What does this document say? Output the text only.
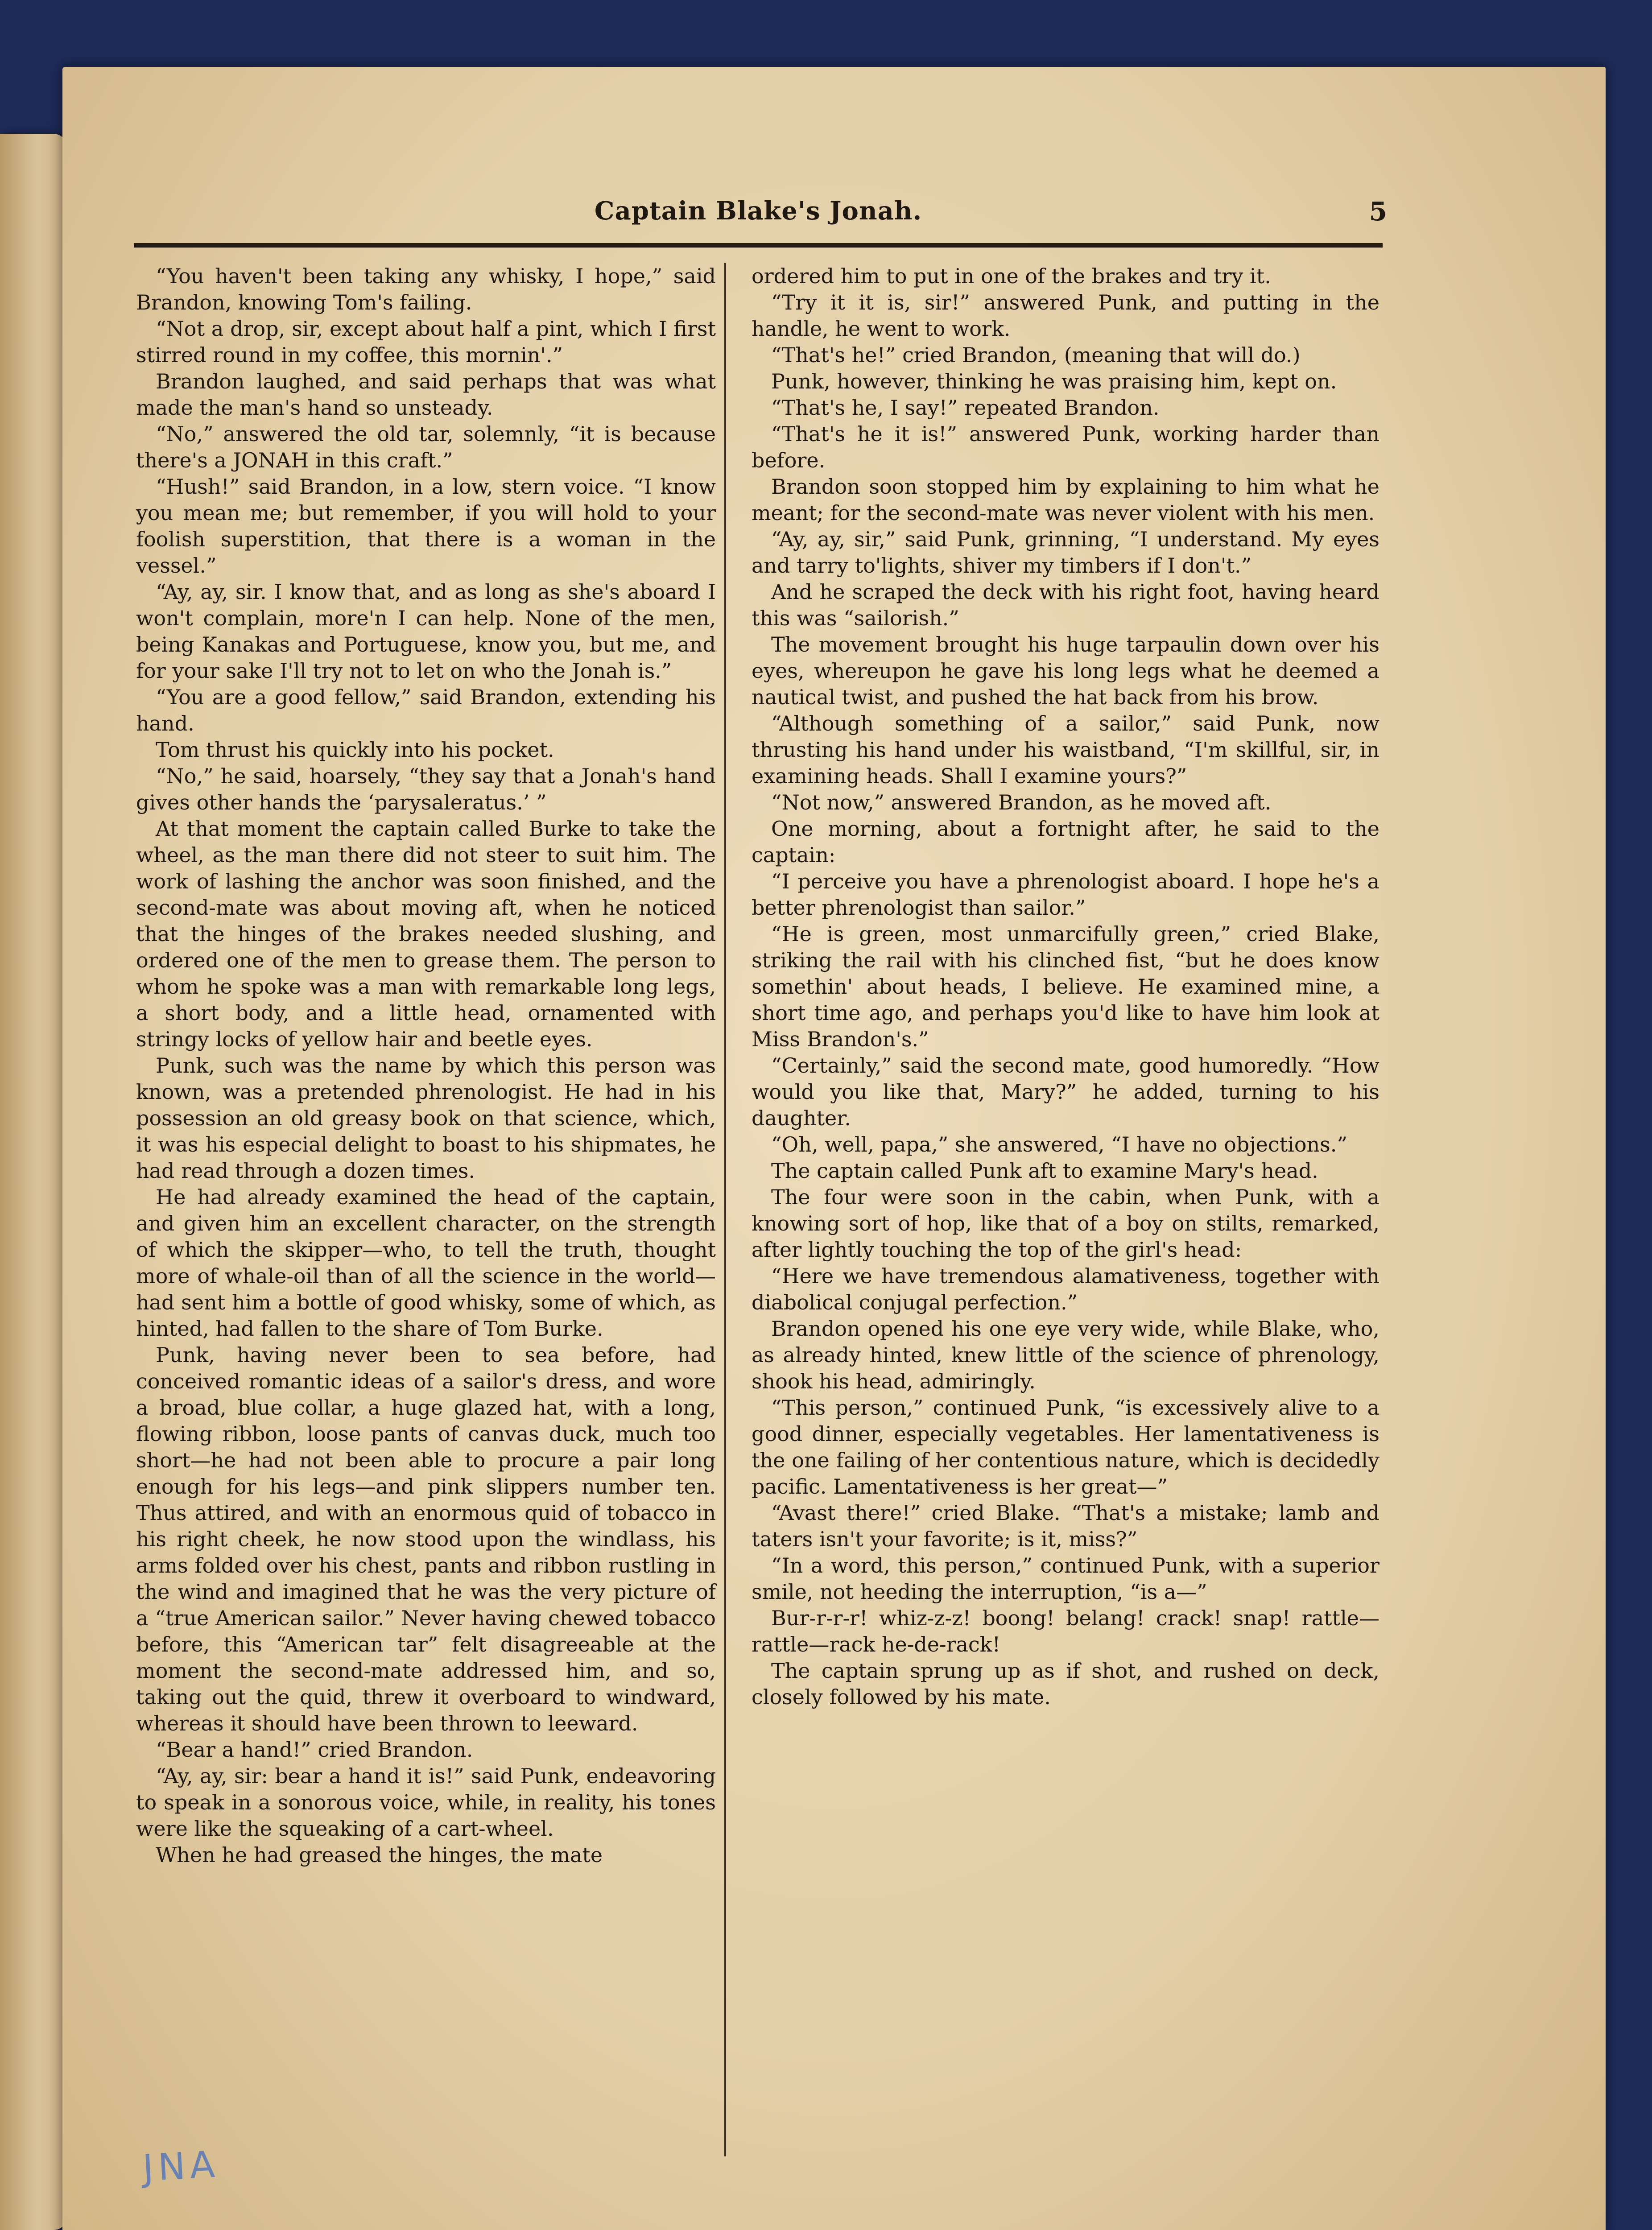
Captain Blake's Jonah.	5

“You haven't been taking any whisky, I hope,” said Brandon, knowing Tom's failing.

“Not a drop, sir, except about half a pint, which I first stirred round in my coffee, this mornin'.”

Brandon laughed, and said perhaps that was what made the man's hand so unsteady.

“No,” answered the old tar, solemnly, “it is because there's a JONAH in this craft.”

“Hush!” said Brandon, in a low, stern voice. “I know you mean me; but remember, if you will hold to your foolish superstition, that there is a woman in the vessel.”

“Ay, ay, sir. I know that, and as long as she's aboard I won't complain, more'n I can help. None of the men, being Kanakas and Portuguese, know you, but me, and for your sake I'll try not to let on who the Jonah is.”

“You are a good fellow,” said Brandon, extending his hand.

Tom thrust his quickly into his pocket.

“No,” he said, hoarsely, “they say that a Jonah's hand gives other hands the ‘parysaleratus.’ ”

At that moment the captain called Burke to take the wheel, as the man there did not steer to suit him. The work of lashing the anchor was soon finished, and the second-mate was about moving aft, when he noticed that the hinges of the brakes needed slushing, and ordered one of the men to grease them. The person to whom he spoke was a man with remarkable long legs, a short body, and a little head, ornamented with stringy locks of yellow hair and beetle eyes.

Punk, such was the name by which this person was known, was a pretended phrenologist. He had in his possession an old greasy book on that science, which, it was his especial delight to boast to his shipmates, he had read through a dozen times.

He had already examined the head of the captain, and given him an excellent character, on the strength of which the skipper—who, to tell the truth, thought more of whale-oil than of all the science in the world—had sent him a bottle of good whisky, some of which, as hinted, had fallen to the share of Tom Burke.

Punk, having never been to sea before, had conceived romantic ideas of a sailor's dress, and wore a broad, blue collar, a huge glazed hat, with a long, flowing ribbon, loose pants of canvas duck, much too short—he had not been able to procure a pair long enough for his legs—and pink slippers number ten. Thus attired, and with an enormous quid of tobacco in his right cheek, he now stood upon the windlass, his arms folded over his chest, pants and ribbon rustling in the wind and imagined that he was the very picture of a “true American sailor.” Never having chewed tobacco before, this “American tar” felt disagreeable at the moment the second-mate addressed him, and so, taking out the quid, threw it overboard to windward, whereas it should have been thrown to leeward.

“Bear a hand!” cried Brandon.

“Ay, ay, sir: bear a hand it is!” said Punk, endeavoring to speak in a sonorous voice, while, in reality, his tones were like the squeaking of a cart-wheel.

When he had greased the hinges, the mate

ordered him to put in one of the brakes and try it.

“Try it it is, sir!” answered Punk, and putting in the handle, he went to work.

“That's he!” cried Brandon, (meaning that will do.)

Punk, however, thinking he was praising him, kept on.

“That's he, I say!” repeated Brandon.

“That's he it is!” answered Punk, working harder than before.

Brandon soon stopped him by explaining to him what he meant; for the second-mate was never violent with his men.

“Ay, ay, sir,” said Punk, grinning, “I understand. My eyes and tarry to'lights, shiver my timbers if I don't.”

And he scraped the deck with his right foot, having heard this was “sailorish.”

The movement brought his huge tarpaulin down over his eyes, whereupon he gave his long legs what he deemed a nautical twist, and pushed the hat back from his brow.

“Although something of a sailor,” said Punk, now thrusting his hand under his waistband, “I'm skillful, sir, in examining heads. Shall I examine yours?”

“Not now,” answered Brandon, as he moved aft.

One morning, about a fortnight after, he said to the captain:

“I perceive you have a phrenologist aboard. I hope he's a better phrenologist than sailor.”

“He is green, most unmarcifully green,” cried Blake, striking the rail with his clinched fist, “but he does know somethin' about heads, I believe. He examined mine, a short time ago, and perhaps you'd like to have him look at Miss Brandon's.”

“Certainly,” said the second mate, good humoredly. “How would you like that, Mary?” he added, turning to his daughter.

“Oh, well, papa,” she answered, “I have no objections.”

The captain called Punk aft to examine Mary's head.

The four were soon in the cabin, when Punk, with a knowing sort of hop, like that of a boy on stilts, remarked, after lightly touching the top of the girl's head:

“Here we have tremendous alamativeness, together with diabolical conjugal perfection.”

Brandon opened his one eye very wide, while Blake, who, as already hinted, knew little of the science of phrenology, shook his head, admiringly.

“This person,” continued Punk, “is excessively alive to a good dinner, especially vegetables. Her lamentativeness is the one failing of her contentious nature, which is decidedly pacific. Lamentativeness is her great—”

“Avast there!” cried Blake. “That's a mistake; lamb and taters isn't your favorite; is it, miss?”

“In a word, this person,” continued Punk, with a superior smile, not heeding the interruption, “is a—”

Bur-r-r-r! whiz-z-z! boong! belang! crack! snap! rattle—rattle—rack he-de-rack!

The captain sprung up as if shot, and rushed on deck, closely followed by his mate.

JNA
